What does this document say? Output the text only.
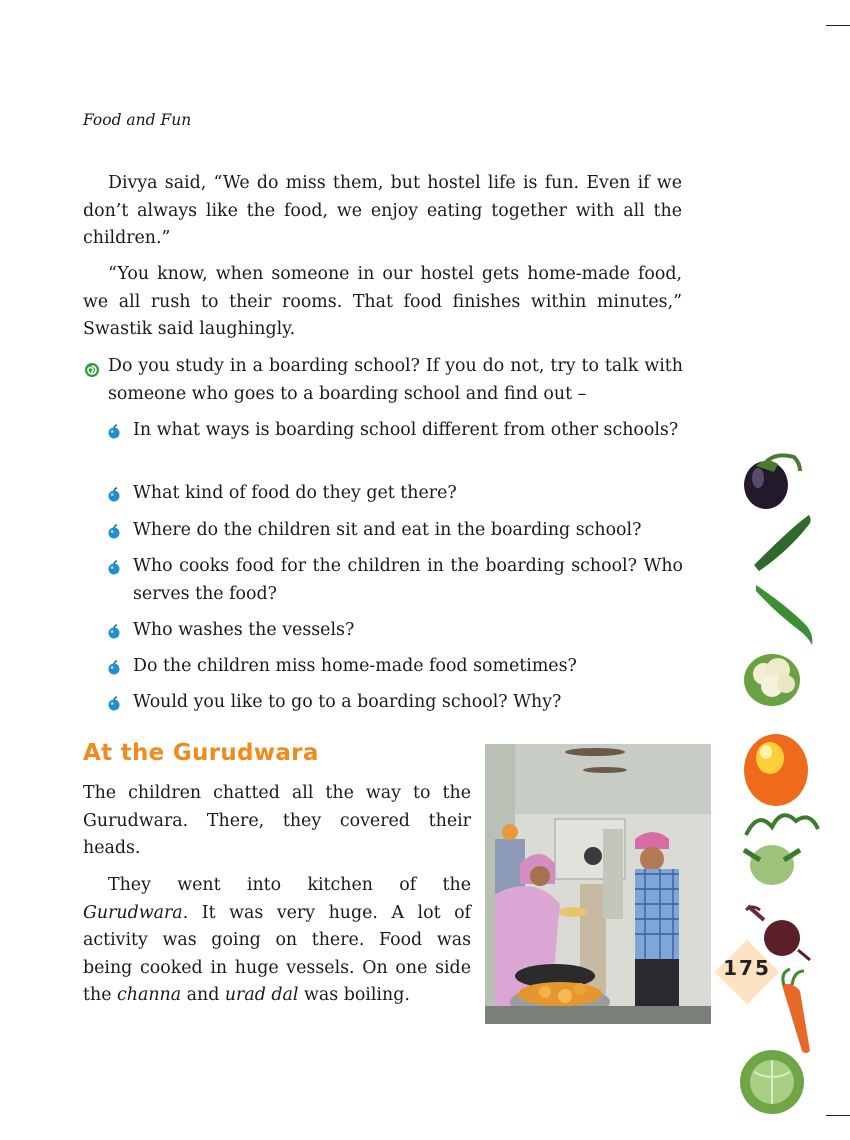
Food and Fun

Divya said, “We do miss them, but hostel life is fun. Even if we don’t always like the food, we enjoy eating together with all the children.”

“You know, when someone in our hostel gets home-made food, we all rush to their rooms. That food finishes within minutes,” Swastik said laughingly.

Do you study in a boarding school? If you do not, try to talk with someone who goes to a boarding school and find out –

In what ways is boarding school different from other schools?

What kind of food do they get there?

Where do the children sit and eat in the boarding school?

Who cooks food for the children in the boarding school? Who serves the food?

Who washes the vessels?

Do the children miss home-made food sometimes?

Would you like to go to a boarding school? Why?

At the Gurudwara

The children chatted all the way to the Gurudwara. There, they covered their heads.

They went into kitchen of the Gurudwara. It was very huge. A lot of activity was going on there. Food was being cooked in huge vessels. On one side the channa and urad dal was boiling.

175
